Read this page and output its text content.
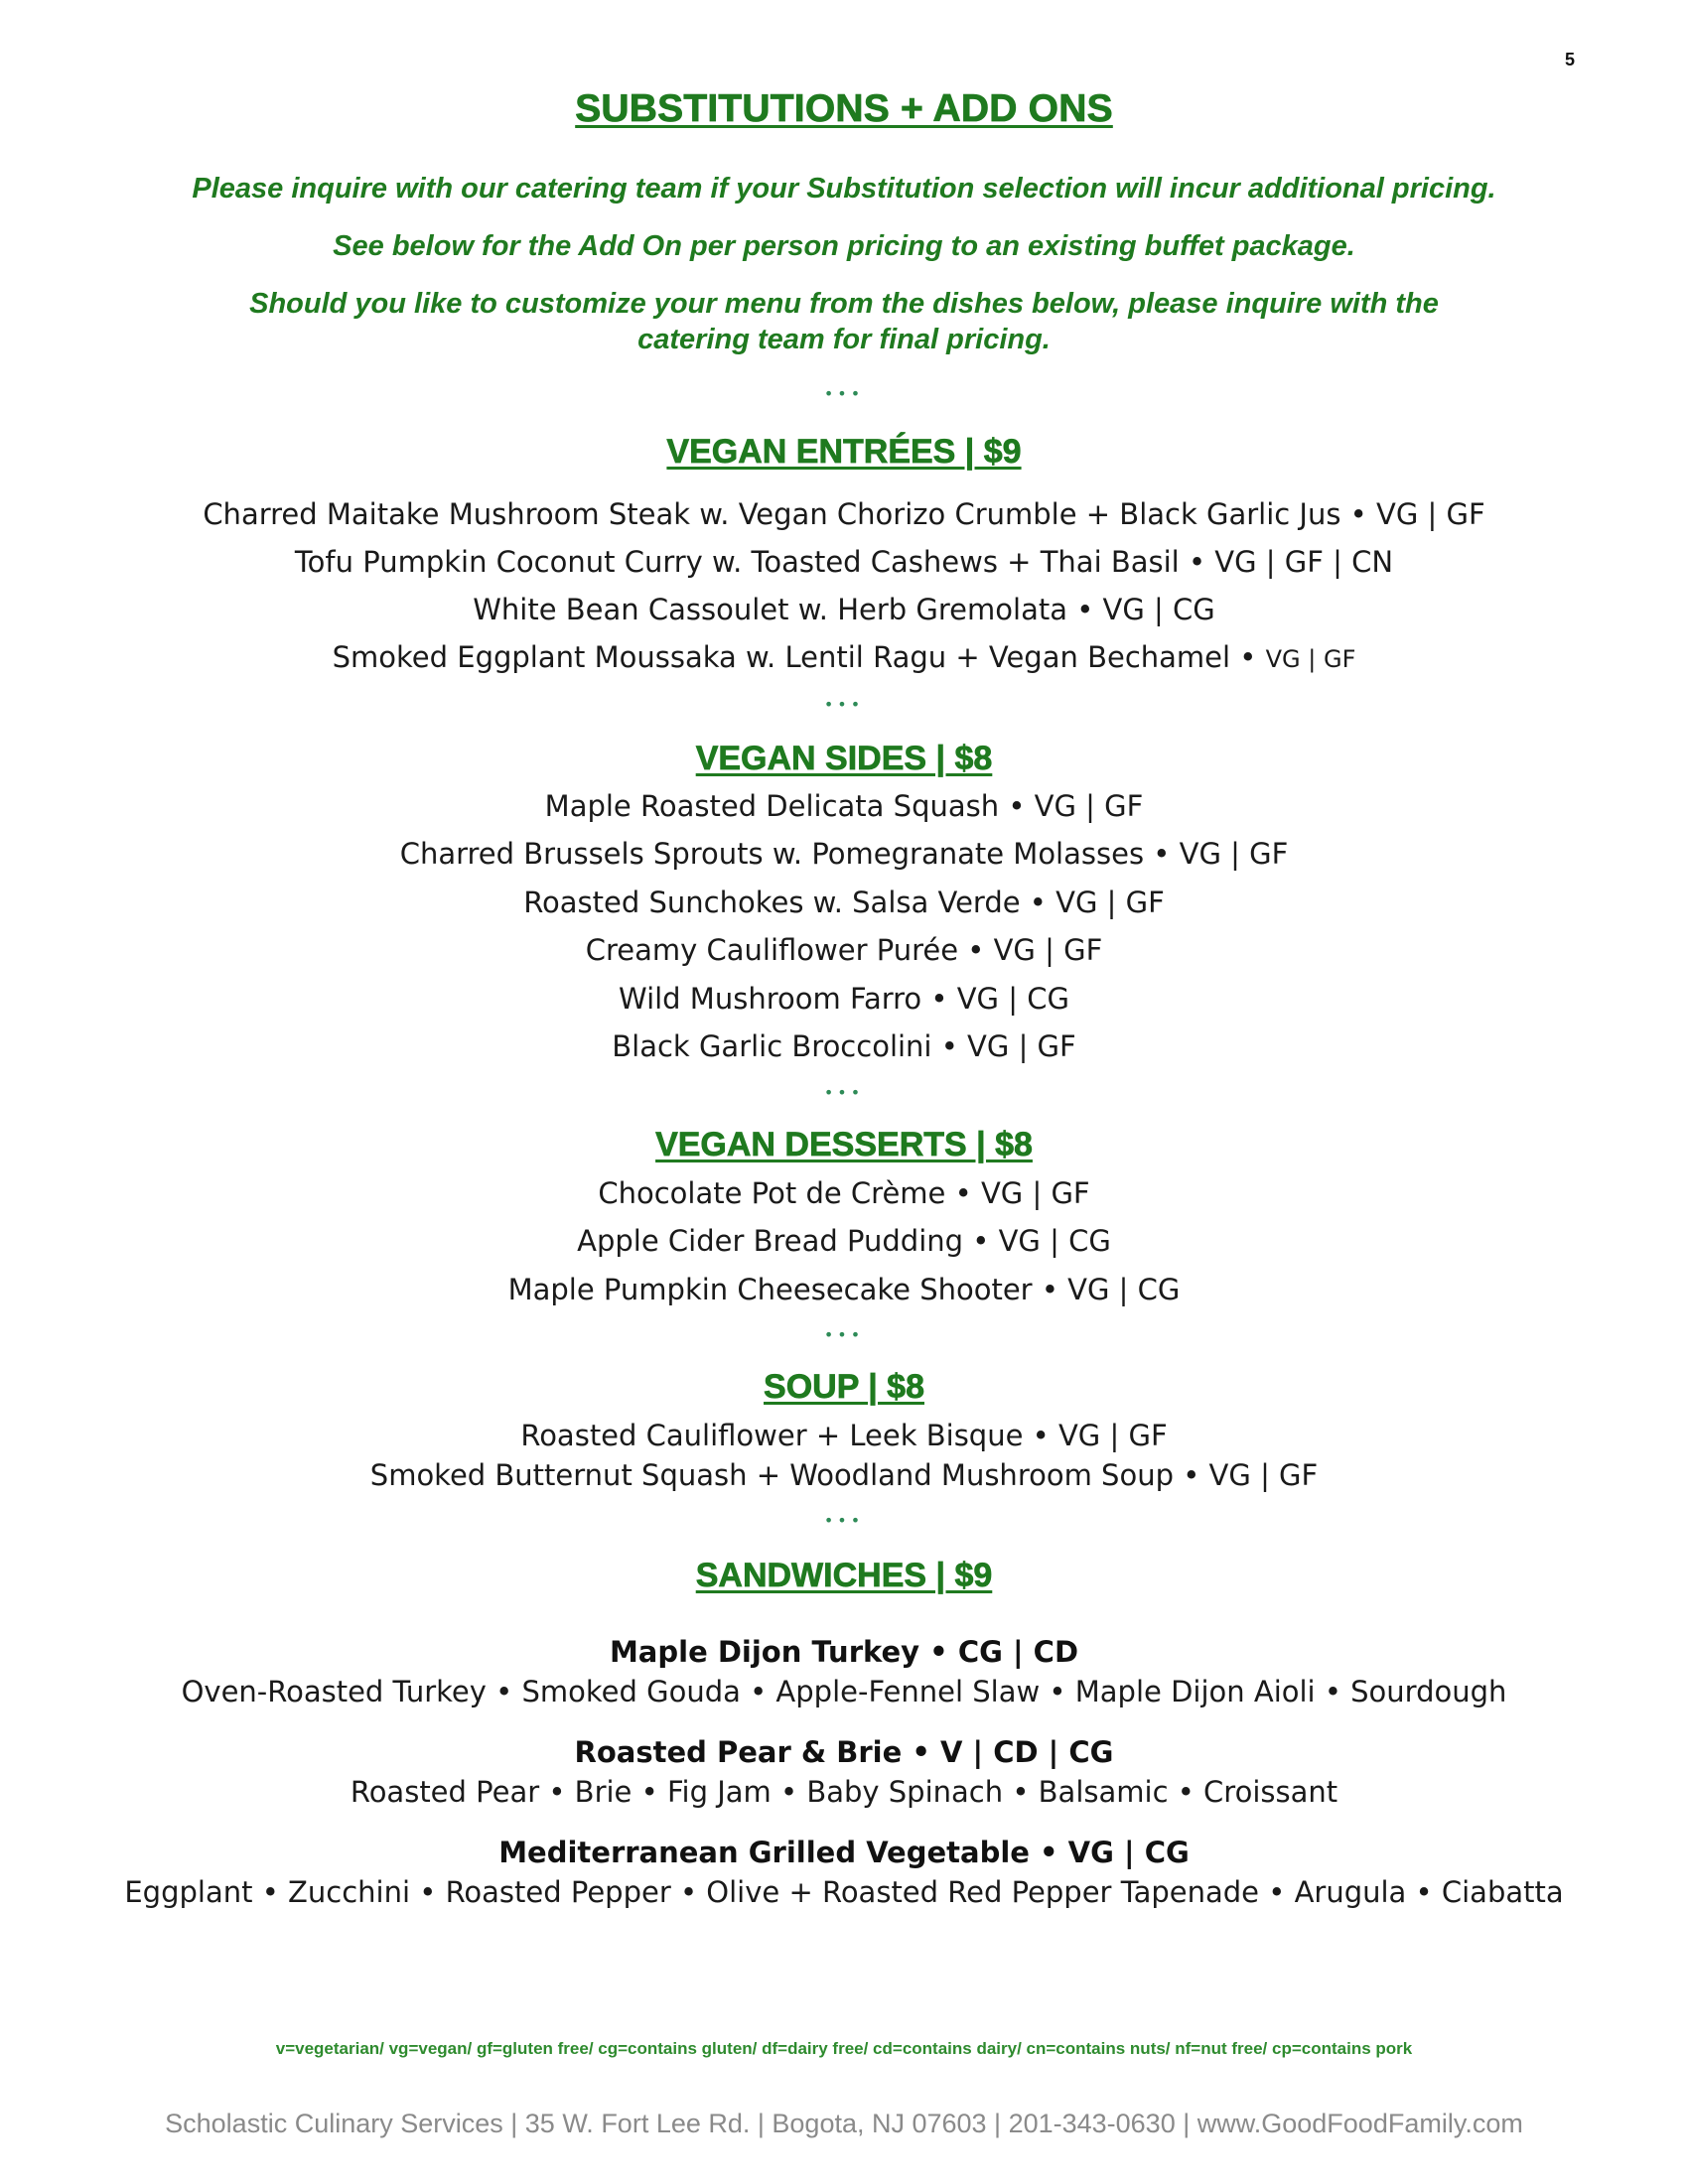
5
SUBSTITUTIONS + ADD ONS
Please inquire with our catering team if your Substitution selection will incur additional pricing.
See below for the Add On per person pricing to an existing buffet package.
Should you like to customize your menu from the dishes below, please inquire with the
catering team for final pricing.
•••
VEGAN ENTRÉES | $9
Charred Maitake Mushroom Steak w. Vegan Chorizo Crumble + Black Garlic Jus • VG | GF
Tofu Pumpkin Coconut Curry w. Toasted Cashews + Thai Basil • VG | GF | CN
White Bean Cassoulet w. Herb Gremolata • VG | CG
Smoked Eggplant Moussaka w. Lentil Ragu + Vegan Bechamel • VG | GF
•••
VEGAN SIDES | $8
Maple Roasted Delicata Squash • VG | GF
Charred Brussels Sprouts w. Pomegranate Molasses • VG | GF
Roasted Sunchokes w. Salsa Verde • VG | GF
Creamy Cauliflower Purée • VG | GF
Wild Mushroom Farro • VG | CG
Black Garlic Broccolini • VG | GF
•••
VEGAN DESSERTS | $8
Chocolate Pot de Crème • VG | GF
Apple Cider Bread Pudding • VG | CG
Maple Pumpkin Cheesecake Shooter • VG | CG
•••
SOUP | $8
Roasted Cauliflower + Leek Bisque • VG | GF
Smoked Butternut Squash + Woodland Mushroom Soup • VG | GF
•••
SANDWICHES | $9
Maple Dijon Turkey • CG | CD
Oven-Roasted Turkey • Smoked Gouda • Apple-Fennel Slaw • Maple Dijon Aioli • Sourdough
Roasted Pear & Brie • V | CD | CG
Roasted Pear • Brie • Fig Jam • Baby Spinach • Balsamic • Croissant
Mediterranean Grilled Vegetable • VG | CG
Eggplant • Zucchini • Roasted Pepper • Olive + Roasted Red Pepper Tapenade • Arugula • Ciabatta
v=vegetarian/ vg=vegan/ gf=gluten free/ cg=contains gluten/ df=dairy free/ cd=contains dairy/ cn=contains nuts/ nf=nut free/ cp=contains pork
Scholastic Culinary Services | 35 W. Fort Lee Rd. | Bogota, NJ 07603 | 201-343-0630 | www.GoodFoodFamily.com
